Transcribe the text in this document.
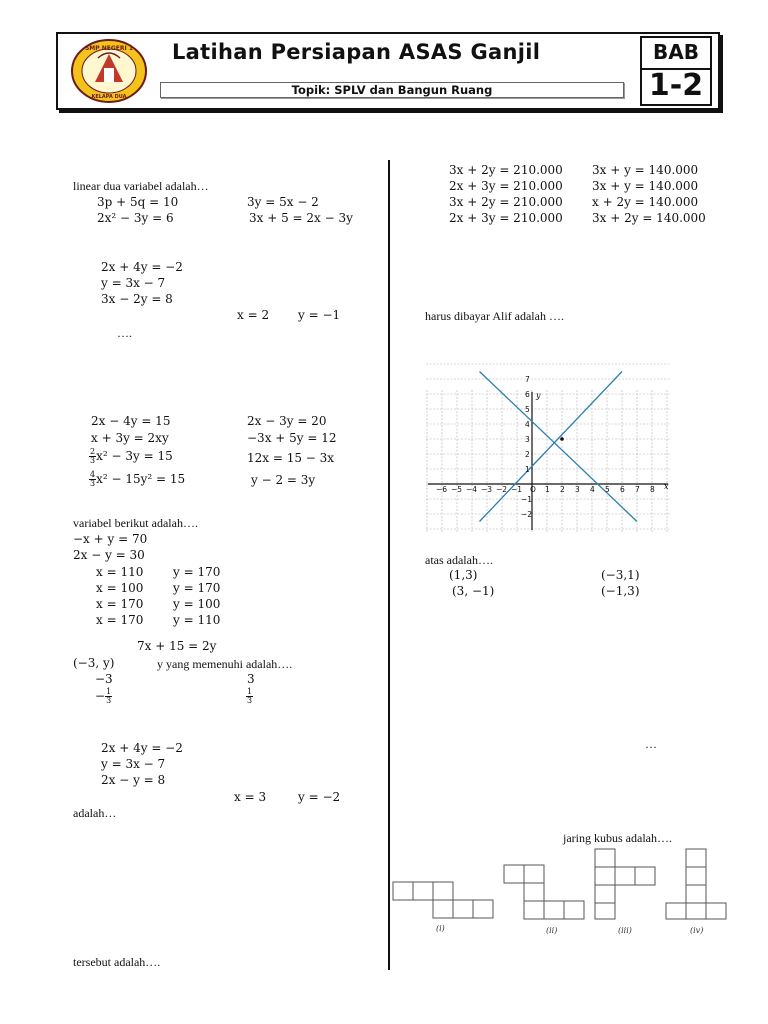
SMP NEGERI 1
KELAPA DUA
Latihan Persiapan ASAS Ganjil
Topik: SPLV dan Bangun Ruang
BAB
1-2
linear dua variabel adalah…
3p + 5q = 10	3y = 5x − 2
2x² − 3y = 6	3x + 5 = 2x − 3y
2x + 4y = −2
y = 3x − 7
3x − 2y = 8
x = 2 y = −1
….
2x − 4y = 15	2x − 3y = 20
x + 3y = 2xy	−3x + 5y = 12
$\frac{2}{3} x^2 - 3y = 15$	12x = 15 − 3x
$\frac{4}{3} x^2 - 15y^2 = 15$	y − 2 = 3y
variabel berikut adalah….
−x + y = 70
2x − y = 30
x = 110 y = 170
x = 100 y = 170
x = 170 y = 100
x = 170 y = 110
7x + 15 = 2y
(−3, y)	y yang memenuhi adalah….
−3	3
− $\frac{1}{3}$	$\frac{1}{3}$
2x + 4y = −2
y = 3x − 7
2x − y = 8
x = 3	y = −2
adalah…
tersebut adalah….
3x + 2y = 210.000 3x + y = 140.000
2x + 3y = 210.000 3x + y = 140.000
3x + 2y = 210.000 x + 2y = 140.000
2x + 3y = 210.000 3x + 2y = 140.000
harus dibayar Alif adalah ….
−6 −5 −4 −3 −2 −1 O 1 2 3 4 5 6 7 8
7
6
5
4
3
2
1
−1
−2
x
y
atas adalah….
(1,3)	(−3,1)
(3, −1)	(−1,3)
…
jaring kubus adalah….
(i)	(ii)	(iii)	(iv)
